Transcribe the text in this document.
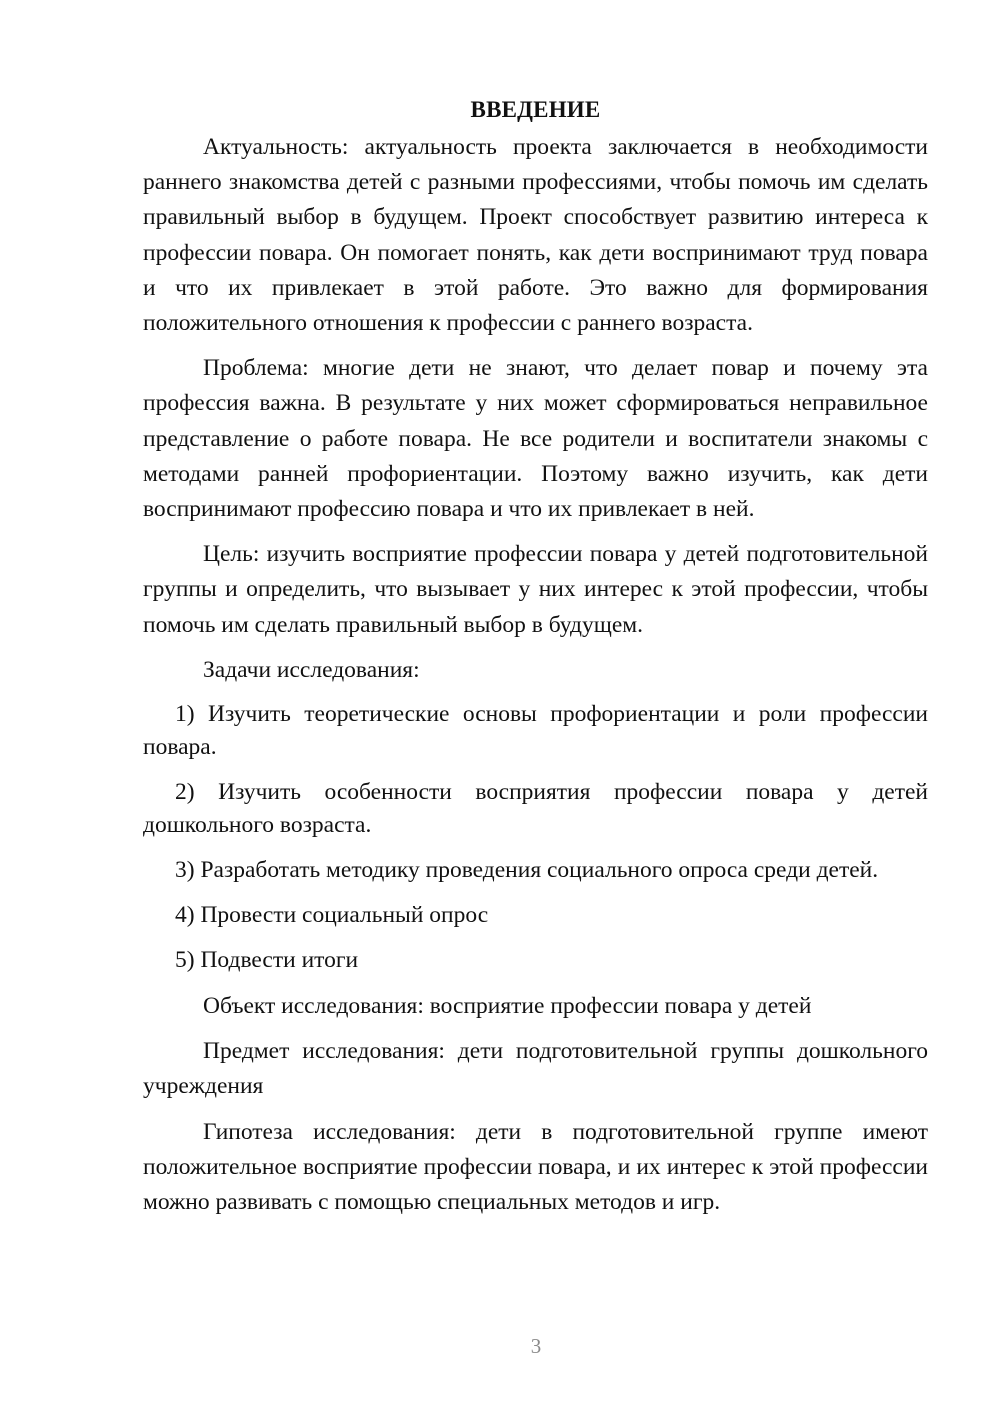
ВВЕДЕНИЕ

Актуальность: актуальность проекта заключается в необходимости раннего знакомства детей с разными профессиями, чтобы помочь им сделать правильный выбор в будущем. Проект способствует развитию интереса к профессии повара. Он помогает понять, как дети воспринимают труд повара и что их привлекает в этой работе. Это важно для формирования положительного отношения к профессии с раннего возраста.

Проблема: многие дети не знают, что делает повар и почему эта профессия важна. В результате у них может сформироваться неправильное представление о работе повара. Не все родители и воспитатели знакомы с методами ранней профориентации. Поэтому важно изучить, как дети воспринимают профессию повара и что их привлекает в ней.

Цель: изучить восприятие профессии повара у детей подготовительной группы и определить, что вызывает у них интерес к этой профессии, чтобы помочь им сделать правильный выбор в будущем.

Задачи исследования:

1) Изучить теоретические основы профориентации и роли профессии повара.

2) Изучить особенности восприятия профессии повара у детей дошкольного возраста.

3) Разработать методику проведения социального опроса среди детей.

4) Провести социальный опрос

5) Подвести итоги

Объект исследования: восприятие профессии повара у детей

Предмет исследования: дети подготовительной группы дошкольного учреждения

Гипотеза исследования: дети в подготовительной группе имеют положительное восприятие профессии повара, и их интерес к этой профессии можно развивать с помощью специальных методов и игр.

3
